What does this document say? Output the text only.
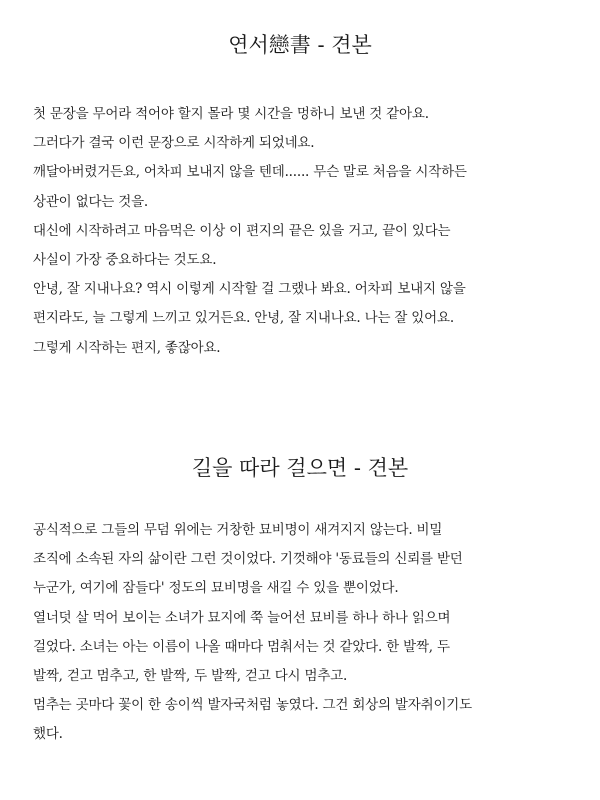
연서戀書 - 견본
첫 문장을 무어라 적어야 할지 몰라 몇 시간을 멍하니 보낸 것 같아요.
그러다가 결국 이런 문장으로 시작하게 되었네요.
깨달아버렸거든요, 어차피 보내지 않을 텐데...... 무슨 말로 처음을 시작하든
상관이 없다는 것을.
대신에 시작하려고 마음먹은 이상 이 편지의 끝은 있을 거고, 끝이 있다는
사실이 가장 중요하다는 것도요.
안녕, 잘 지내나요? 역시 이렇게 시작할 걸 그랬나 봐요. 어차피 보내지 않을
편지라도, 늘 그렇게 느끼고 있거든요. 안녕, 잘 지내나요. 나는 잘 있어요.
그렇게 시작하는 편지, 좋잖아요.
길을 따라 걸으면 - 견본
공식적으로 그들의 무덤 위에는 거창한 묘비명이 새겨지지 않는다. 비밀
조직에 소속된 자의 삶이란 그런 것이었다. 기껏해야 '동료들의 신뢰를 받던
누군가, 여기에 잠들다' 정도의 묘비명을 새길 수 있을 뿐이었다.
열너덧 살 먹어 보이는 소녀가 묘지에 쭉 늘어선 묘비를 하나 하나 읽으며
걸었다. 소녀는 아는 이름이 나올 때마다 멈춰서는 것 같았다. 한 발짝, 두
발짝, 걷고 멈추고, 한 발짝, 두 발짝, 걷고 다시 멈추고.
멈추는 곳마다 꽃이 한 송이씩 발자국처럼 놓였다. 그건 회상의 발자취이기도
했다.
